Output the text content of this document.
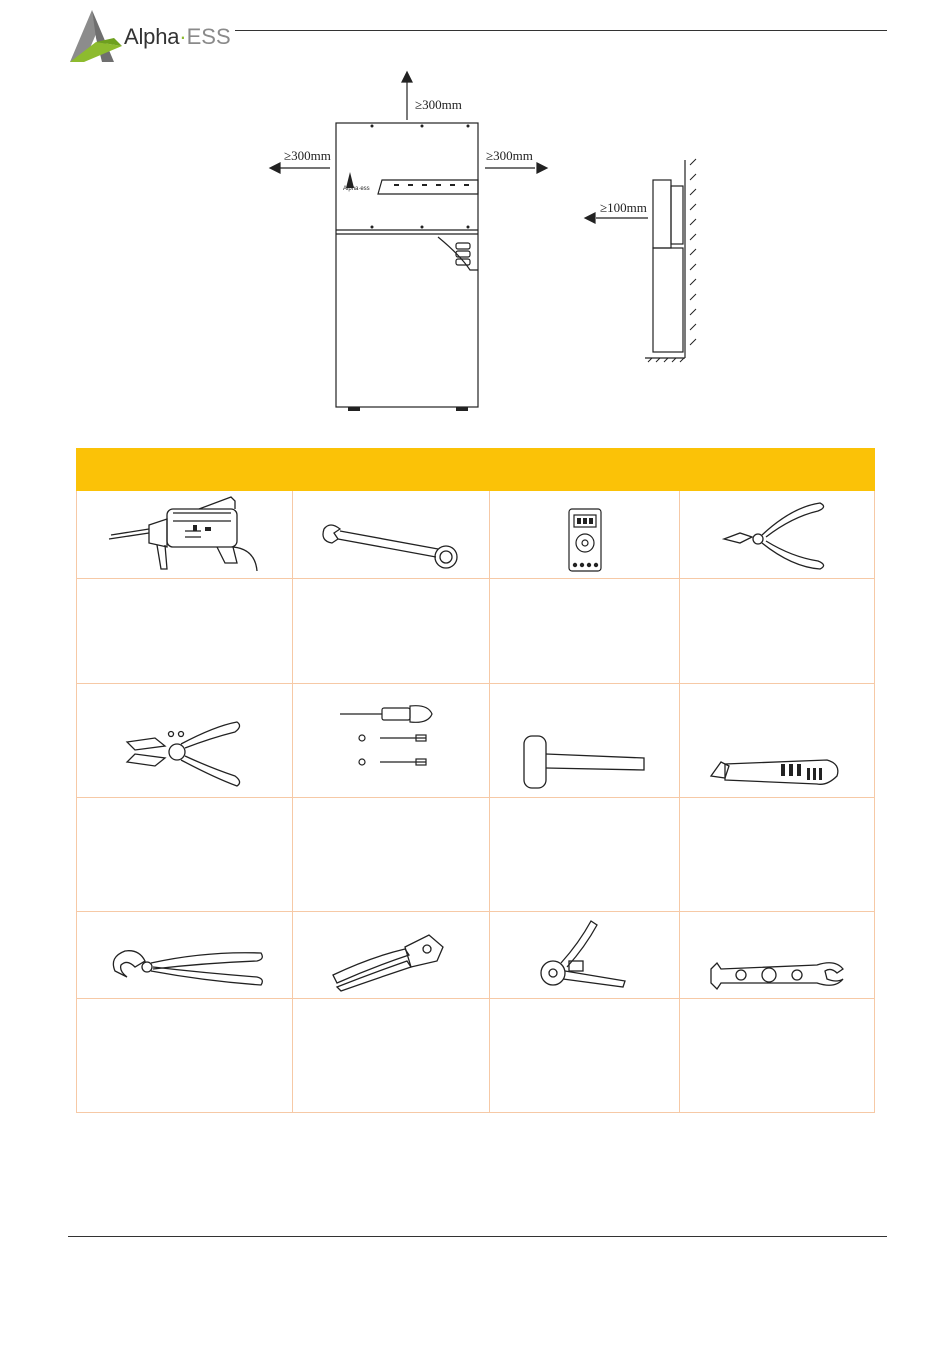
Alpha·ESS
≥300mm
≥300mm	≥300mm
≥100mm
Alpha·ess
